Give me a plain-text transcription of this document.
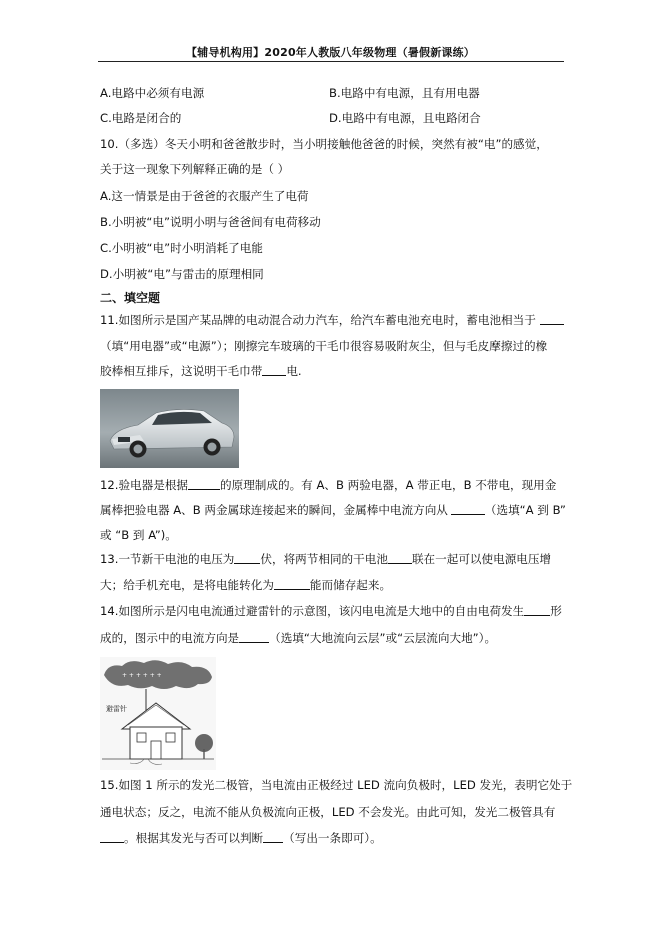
【辅导机构用】2020年人教版八年级物理（暑假新课练）
A.电路中必须有电源	B.电路中有电源，且有用电器
C.电路是闭合的	D.电路中有电源，且电路闭合
10.（多选）冬天小明和爸爸散步时，当小明接触他爸爸的时候，突然有被“电”的感觉，
关于这一现象下列解释正确的是（ ）
A.这一情景是由于爸爸的衣服产生了电荷
B.小明被“电”说明小明与爸爸间有电荷移动
C.小明被“电”时小明消耗了电能
D.小明被“电”与雷击的原理相同
二、填空题
11.如图所示是国产某品牌的电动混合动力汽车，给汽车蓄电池充电时，蓄电池相当于
（填“用电器”或“电源”）；刚擦完车玻璃的干毛巾很容易吸附灰尘，但与毛皮摩擦过的橡
胶棒相互排斥，这说明干毛巾带 电.
12.验电器是根据	的原理制成的。有 A、B 两验电器，A 带正电，B 不带电，现用金
属棒把验电器 A、B 两金属球连接起来的瞬间，金属棒中电流方向从	（选填“A 到 B”
或 “B 到 A”)。
13.一节新干电池的电压为 伏，将两节相同的干电池 联在一起可以使电源电压增
大；给手机充电，是将电能转化为	能而储存起来。
14.如图所示是闪电电流通过避雷针的示意图，该闪电电流是大地中的自由电荷发生 形
成的，图示中的电流方向是	（选填“大地流向云层”或“云层流向大地”）。
+ + + + + +
避雷针
15.如图 1 所示的发光二极管，当电流由正极经过 LED 流向负极时，LED 发光，表明它处于
通电状态；反之，电流不能从负极流向正极，LED 不会发光。由此可知，发光二极管具有
。根据其发光与否可以判断 （写出一条即可）。
